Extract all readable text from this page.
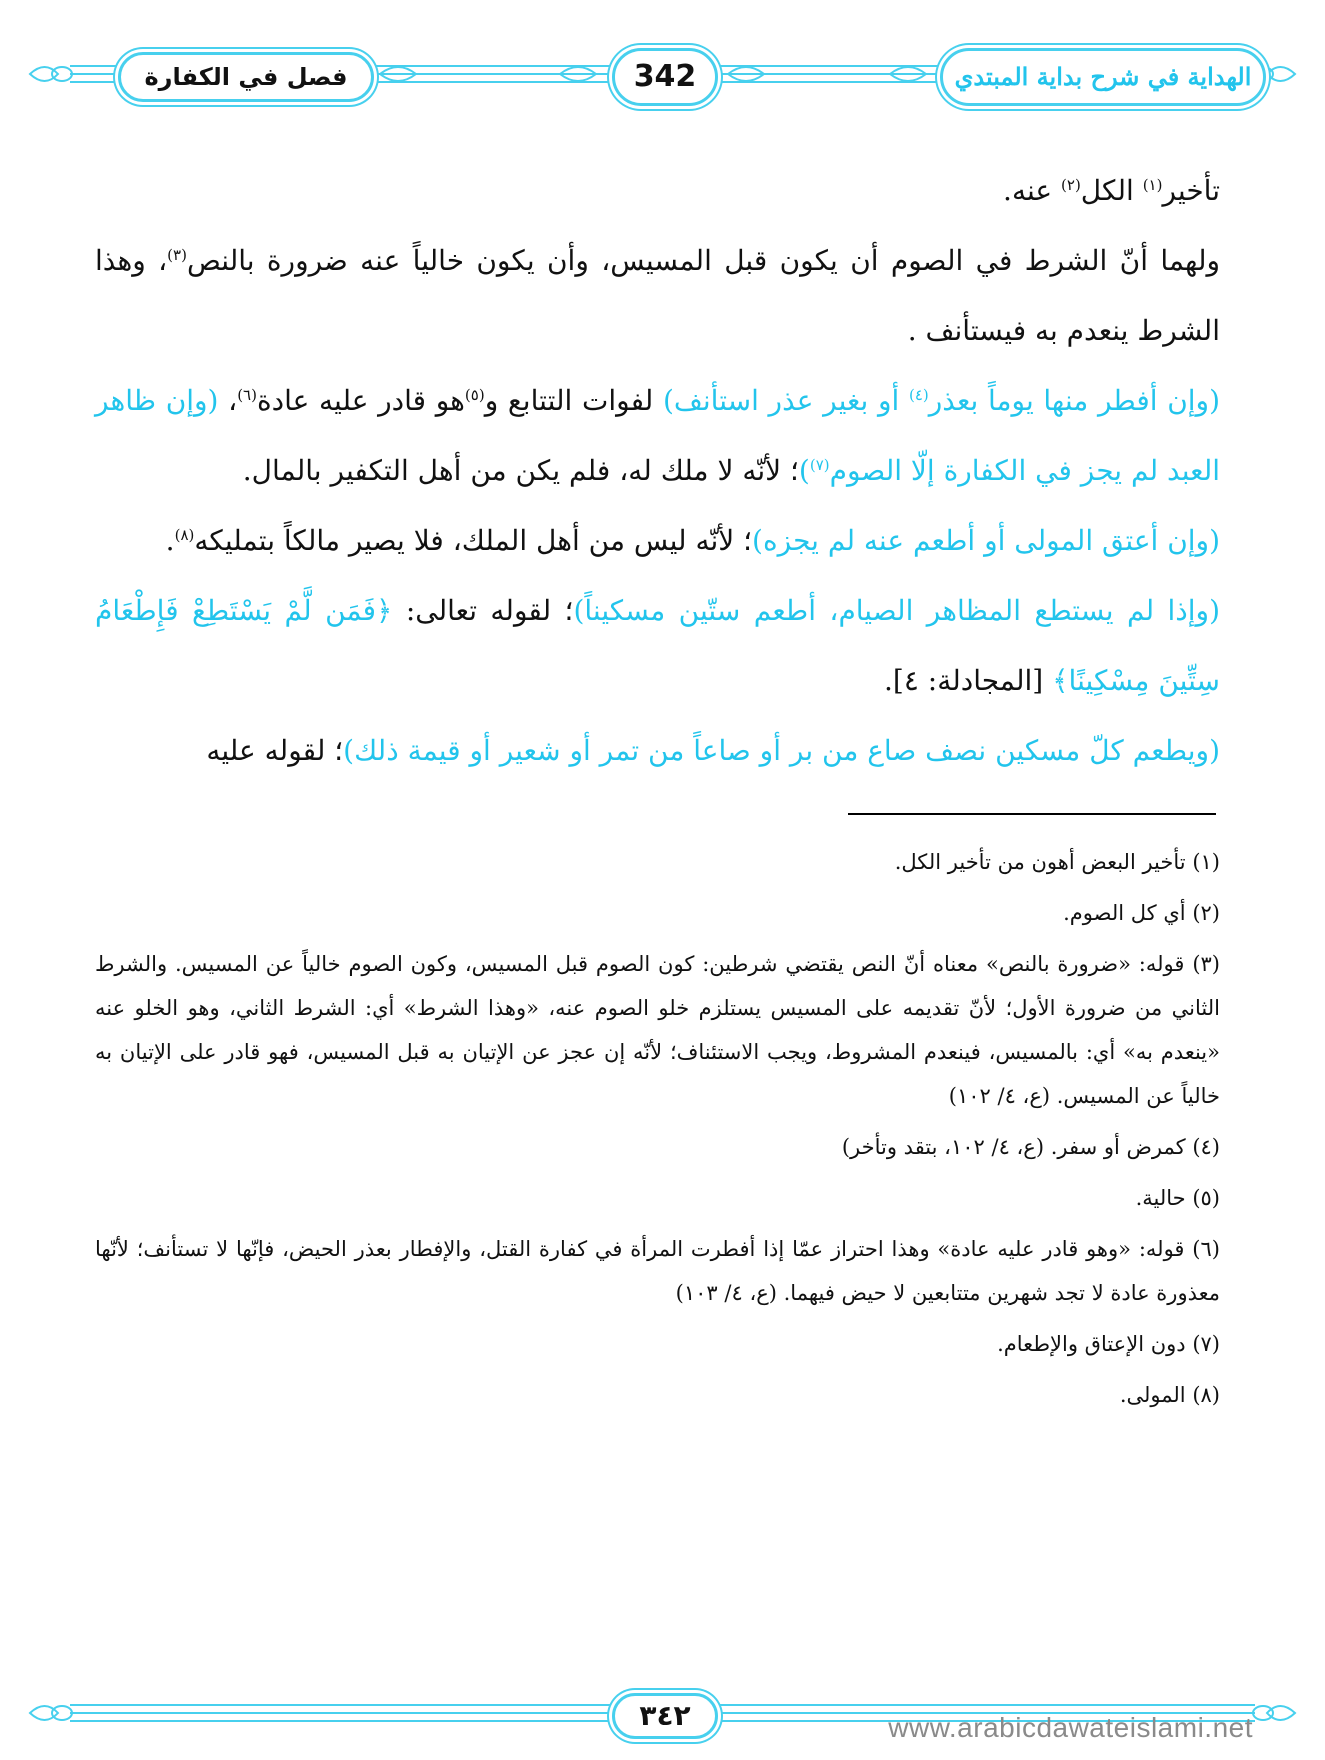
الهداية في شرح بداية المبتدي
342
فصل في الكفارة

تأخير$^{(١)}$ الكل$^{(٢)}$ عنه.

ولهما أنّ الشرط في الصوم أن يكون قبل المسيس، وأن يكون خالياً عنه ضرورة بالنص$^{(٣)}$، وهذا الشرط ينعدم به فيستأنف .

(وإن أفطر منها يوماً بعذر$^{(٤)}$ أو بغير عذر استأنف) لفوات التتابع و$^{(٥)}$هو قادر عليه عادة$^{(٦)}$، (وإن ظاهر العبد لم يجز في الكفارة إلّا الصوم$^{(٧)}$)؛ لأنّه لا ملك له، فلم يكن من أهل التكفير بالمال.

(وإن أعتق المولى أو أطعم عنه لم يجزه)؛ لأنّه ليس من أهل الملك، فلا يصير مالكاً بتمليكه$^{(٨)}$.

(وإذا لم يستطع المظاهر الصيام، أطعم ستّين مسكيناً)؛ لقوله تعالى: ﴿فَمَن لَّمْ يَسْتَطِعْ فَإِطْعَامُ سِتِّينَ مِسْكِينًا﴾ [المجادلة: ٤].

(ويطعم كلّ مسكين نصف صاع من بر أو صاعاً من تمر أو شعير أو قيمة ذلك)؛ لقوله عليه

(١) تأخير البعض أهون من تأخير الكل.

(٢) أي كل الصوم.

(٣) قوله: «ضرورة بالنص» معناه أنّ النص يقتضي شرطين: كون الصوم قبل المسيس، وكون الصوم خالياً عن المسيس. والشرط الثاني من ضرورة الأول؛ لأنّ تقديمه على المسيس يستلزم خلو الصوم عنه، «وهذا الشرط» أي: الشرط الثاني، وهو الخلو عنه «ينعدم به» أي: بالمسيس، فينعدم المشروط، ويجب الاستئناف؛ لأنّه إن عجز عن الإتيان به قبل المسيس، فهو قادر على الإتيان به خالياً عن المسيس. (ع، ٤/ ١٠٢)

(٤) كمرض أو سفر. (ع، ٤/ ١٠٢، بتقد وتأخر)

(٥) حالية.

(٦) قوله: «وهو قادر عليه عادة» وهذا احتراز عمّا إذا أفطرت المرأة في كفارة القتل، والإفطار بعذر الحيض، فإنّها لا تستأنف؛ لأنّها معذورة عادة لا تجد شهرين متتابعين لا حيض فيهما. (ع، ٤/ ١٠٣)

(٧) دون الإعتاق والإطعام.

(٨) المولى.

٣٤٢	www.arabicdawateislami.net
